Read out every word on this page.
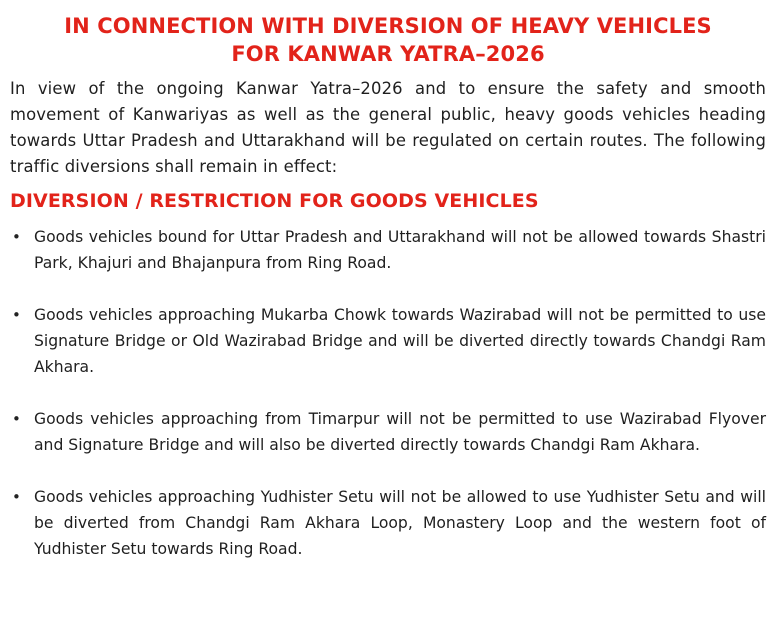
IN CONNECTION WITH DIVERSION OF HEAVY VEHICLES
FOR KANWAR YATRA–2026

In view of the ongoing Kanwar Yatra–2026 and to ensure the safety and smooth movement of Kanwariyas as well as the general public, heavy goods vehicles heading towards Uttar Pradesh and Uttarakhand will be regulated on certain routes. The following traffic diversions shall remain in effect:

DIVERSION / RESTRICTION FOR GOODS VEHICLES
• Goods vehicles bound for Uttar Pradesh and Uttarakhand will not be allowed towards Shastri Park, Khajuri and Bhajanpura from Ring Road.
• Goods vehicles approaching Mukarba Chowk towards Wazirabad will not be permitted to use Signature Bridge or Old Wazirabad Bridge and will be diverted directly towards Chandgi Ram Akhara.
• Goods vehicles approaching from Timarpur will not be permitted to use Wazirabad Flyover and Signature Bridge and will also be diverted directly towards Chandgi Ram Akhara.
• Goods vehicles approaching Yudhister Setu will not be allowed to use Yudhister Setu and will be diverted from Chandgi Ram Akhara Loop, Monastery Loop and the western foot of Yudhister Setu towards Ring Road.
